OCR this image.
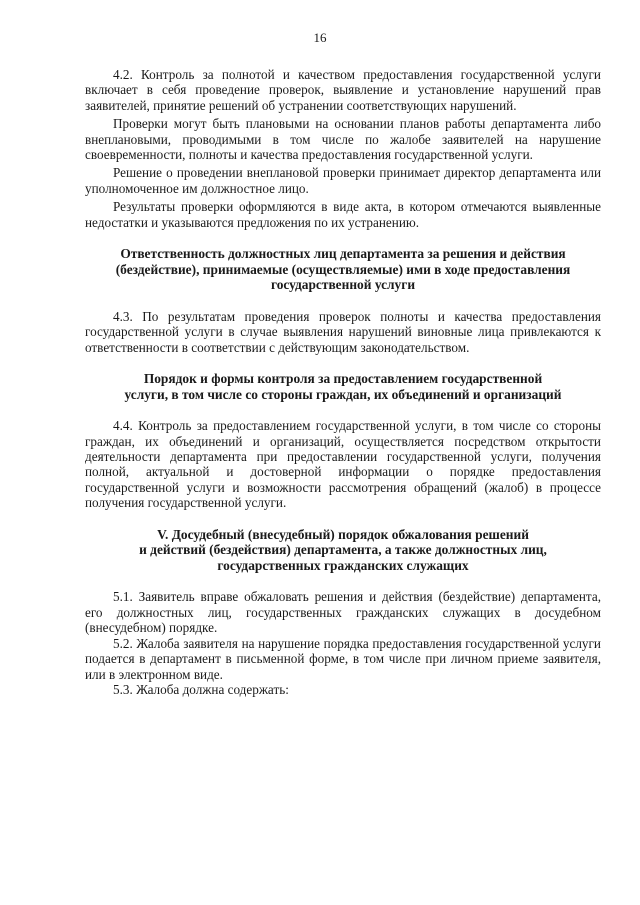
16

4.2. Контроль за полнотой и качеством предоставления государственной услуги включает в себя проведение проверок, выявление и установление нарушений прав заявителей, принятие решений об устранении соответствующих нарушений.

Проверки могут быть плановыми на основании планов работы департамента либо внеплановыми, проводимыми в том числе по жалобе заявителей на нарушение своевременности, полноты и качества предоставления государственной услуги.

Решение о проведении внеплановой проверки принимает директор департамента или уполномоченное им должностное лицо.

Результаты проверки оформляются в виде акта, в котором отмечаются выявленные недостатки и указываются предложения по их устранению.

Ответственность должностных лиц департамента за решения и действия
(бездействие), принимаемые (осуществляемые) ими в ходе предоставления
государственной услуги

4.3. По результатам проведения проверок полноты и качества предоставления государственной услуги в случае выявления нарушений виновные лица привлекаются к ответственности в соответствии с действующим законодательством.

Порядок и формы контроля за предоставлением государственной
услуги, в том числе со стороны граждан, их объединений и организаций

4.4. Контроль за предоставлением государственной услуги, в том числе со стороны граждан, их объединений и организаций, осуществляется посредством открытости деятельности департамента при предоставлении государственной услуги, получения полной, актуальной и достоверной информации о порядке предоставления государственной услуги и возможности рассмотрения обращений (жалоб) в процессе получения государственной услуги.

V. Досудебный (внесудебный) порядок обжалования решений
и действий (бездействия) департамента, а также должностных лиц,
государственных гражданских служащих

5.1. Заявитель вправе обжаловать решения и действия (бездействие) департамента, его должностных лиц, государственных гражданских служащих в досудебном (внесудебном) порядке.

5.2. Жалоба заявителя на нарушение порядка предоставления государственной услуги подается в департамент в письменной форме, в том числе при личном приеме заявителя, или в электронном виде.

5.3. Жалоба должна содержать:
